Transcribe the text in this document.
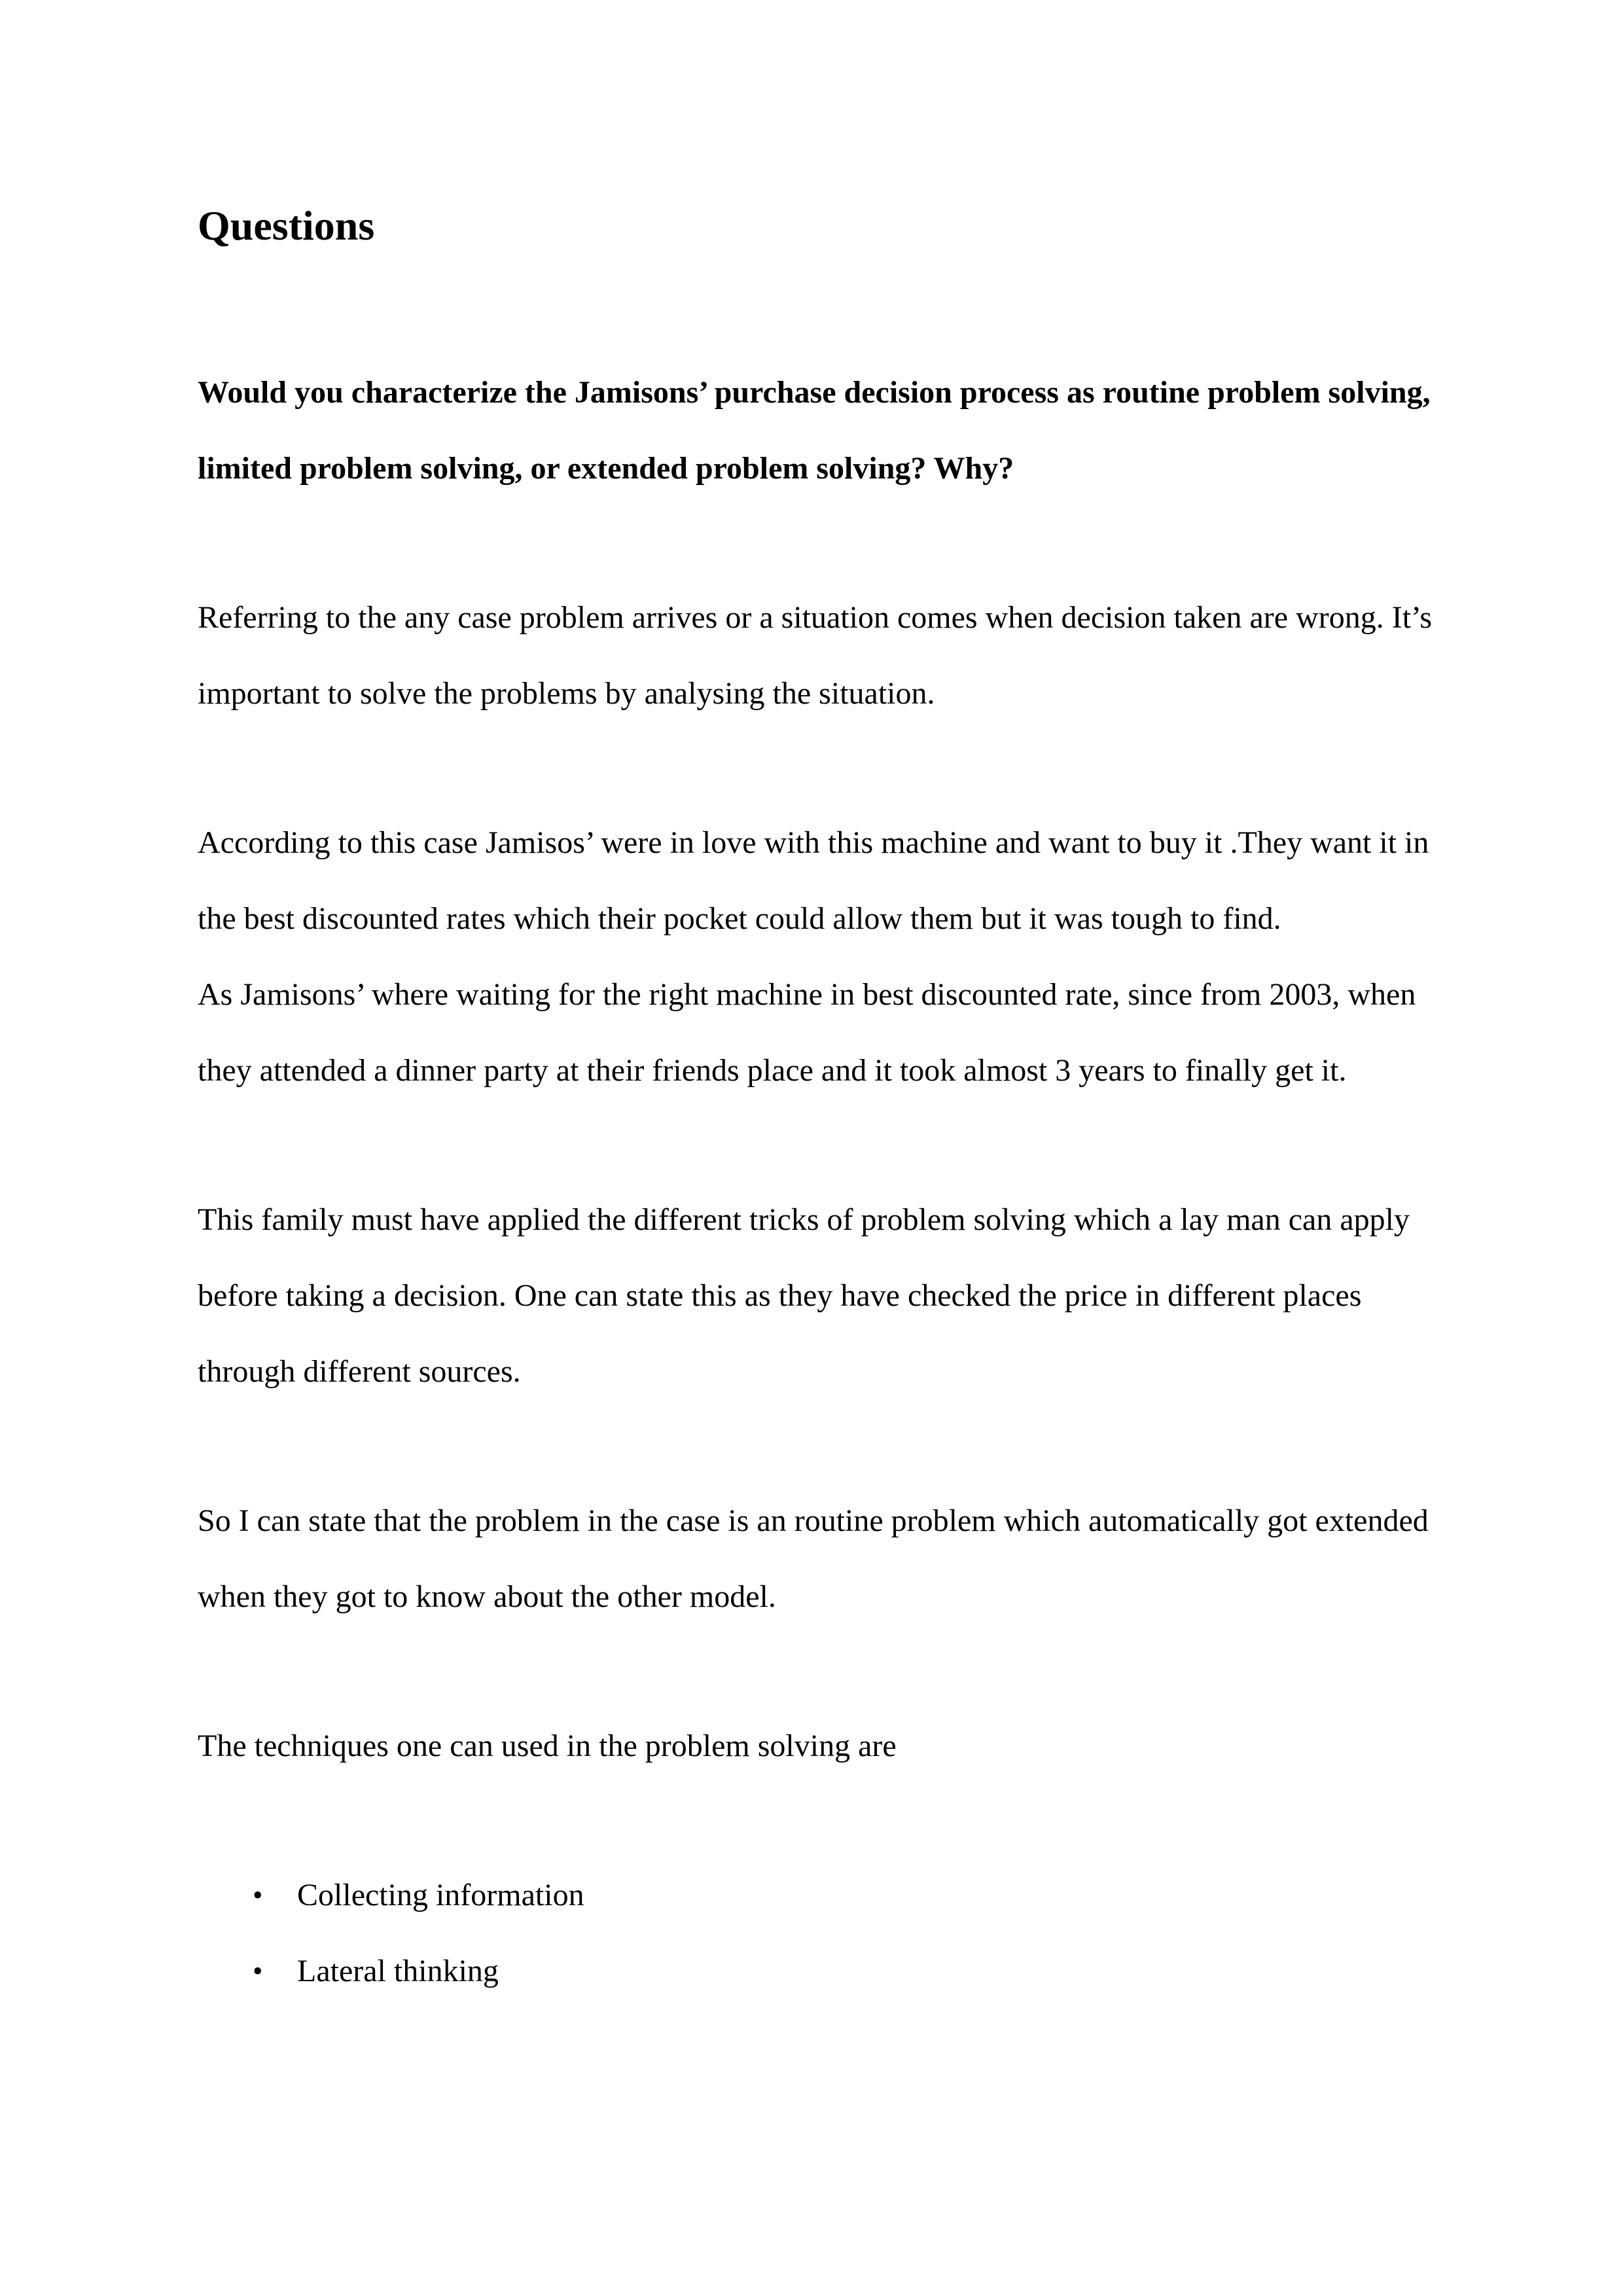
Questions

Would you characterize the Jamisons’ purchase decision process as routine problem solving, limited problem solving, or extended problem solving? Why?

Referring to the any case problem arrives or a situation comes when decision taken are wrong. It’s important to solve the problems by analysing the situation.

According to this case Jamisos’ were in love with this machine and want to buy it .They want it in the best discounted rates which their pocket could allow them but it was tough to find.

As Jamisons’ where waiting for the right machine in best discounted rate, since from 2003, when they attended a dinner party at their friends place and it took almost 3 years to finally get it.

This family must have applied the different tricks of problem solving which a lay man can apply before taking a decision. One can state this as they have checked the price in different places through different sources.

So I can state that the problem in the case is an routine problem which automatically got extended when they got to know about the other model.

The techniques one can used in the problem solving are

• Collecting information
• Lateral thinking
